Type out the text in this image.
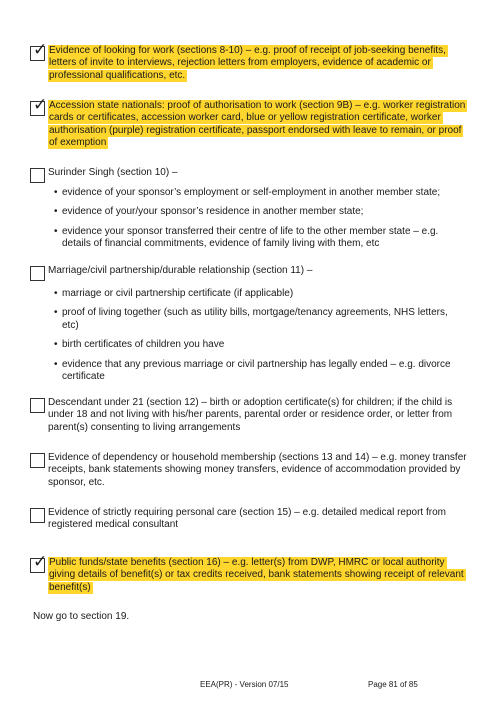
✓ Evidence of looking for work (sections 8-10) – e.g. proof of receipt of job-seeking benefits, letters of invite to interviews, rejection letters from employers, evidence of academic or professional qualifications, etc.
✓ Accession state nationals: proof of authorisation to work (section 9B) – e.g. worker registration cards or certificates, accession worker card, blue or yellow registration certificate, worker authorisation (purple) registration certificate, passport endorsed with leave to remain, or proof of exemption
Surinder Singh (section 10) –
• evidence of your sponsor’s employment or self-employment in another member state;
• evidence of your/your sponsor’s residence in another member state;
• evidence your sponsor transferred their centre of life to the other member state – e.g. details of financial commitments, evidence of family living with them, etc
Marriage/civil partnership/durable relationship (section 11) –
• marriage or civil partnership certificate (if applicable)
• proof of living together (such as utility bills, mortgage/tenancy agreements, NHS letters, etc)
• birth certificates of children you have
• evidence that any previous marriage or civil partnership has legally ended – e.g. divorce certificate
Descendant under 21 (section 12) – birth or adoption certificate(s) for children; if the child is under 18 and not living with his/her parents, parental order or residence order, or letter from parent(s) consenting to living arrangements
Evidence of dependency or household membership (sections 13 and 14) – e.g. money transfer receipts, bank statements showing money transfers, evidence of accommodation provided by sponsor, etc.
Evidence of strictly requiring personal care (section 15) – e.g. detailed medical report from registered medical consultant
✓ Public funds/state benefits (section 16) – e.g. letter(s) from DWP, HMRC or local authority giving details of benefit(s) or tax credits received, bank statements showing receipt of relevant benefit(s)
Now go to section 19.
EEA(PR) - Version 07/15	Page 81 of 85
